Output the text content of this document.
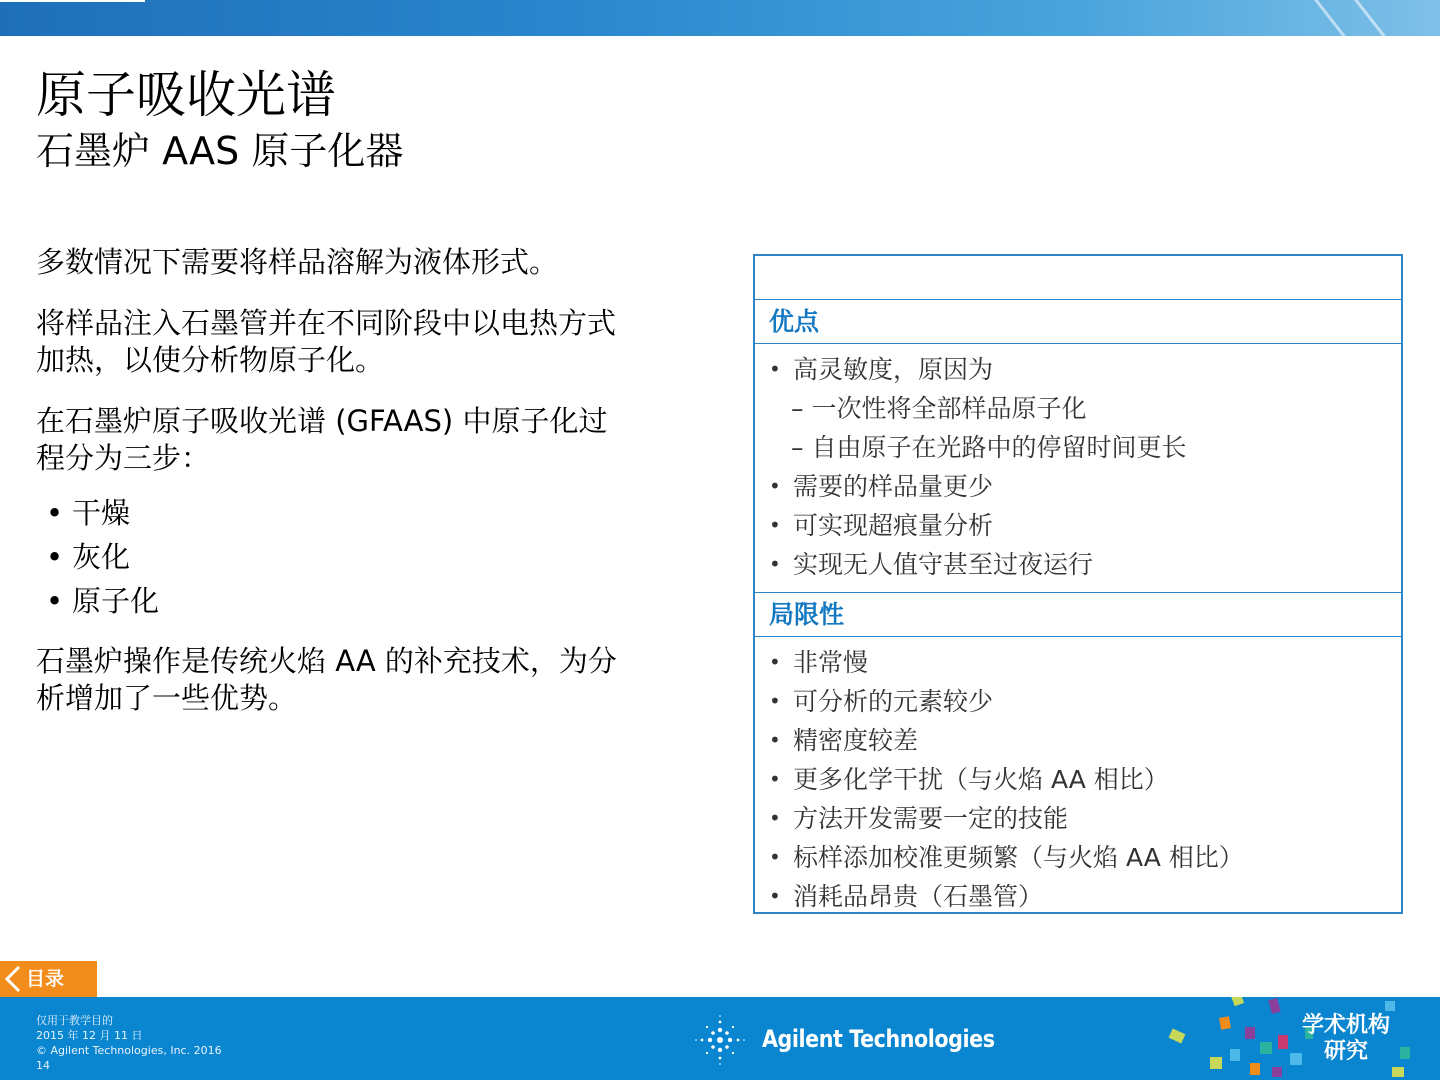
原子吸收光谱
石墨炉 AAS 原子化器

多数情况下需要将样品溶解为液体形式。

将样品注入石墨管并在不同阶段中以电热方式加热，以使分析物原子化。

在石墨炉原子吸收光谱 (GFAAS) 中原子化过程分为三步：

• 干燥
• 灰化
• 原子化

石墨炉操作是传统火焰 AA 的补充技术，为分析增加了一些优势。

优点
• 高灵敏度，原因为
– 一次性将全部样品原子化
– 自由原子在光路中的停留时间更长
• 需要的样品量更少
• 可实现超痕量分析
• 实现无人值守甚至过夜运行
局限性
• 非常慢
• 可分析的元素较少
• 精密度较差
• 更多化学干扰（与火焰 AA 相比）
• 方法开发需要一定的技能
• 标样添加校准更频繁（与火焰 AA 相比）
• 消耗品昂贵（石墨管）
目录
仅用于教学目的
2015 年 12 月 11 日
© Agilent Technologies, Inc. 2016
14
Agilent Technologies	学术机构
研究
